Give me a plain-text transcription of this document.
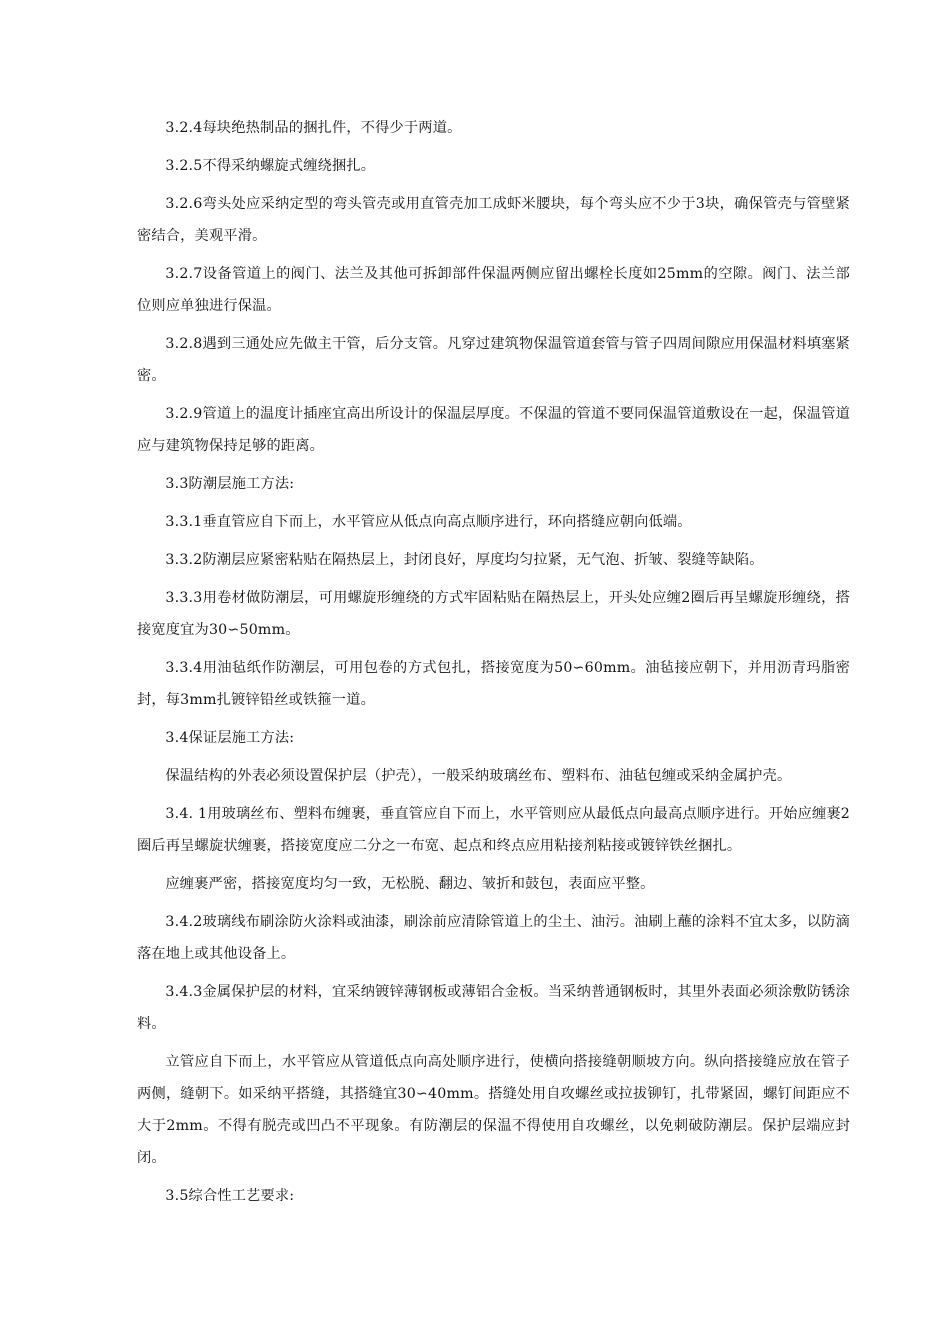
3.2.4每块绝热制品的捆扎件，不得少于两道。

3.2.5不得采纳螺旋式缠绕捆扎。

3.2.6弯头处应采纳定型的弯头管壳或用直管壳加工成虾米腰块，每个弯头应不少于3块，确保管壳与管壁紧密结合，美观平滑。

3.2.7设备管道上的阀门、法兰及其他可拆卸部件保温两侧应留出螺栓长度如25mm的空隙。阀门、法兰部位则应单独进行保温。

3.2.8遇到三通处应先做主干管，后分支管。凡穿过建筑物保温管道套管与管子四周间隙应用保温材料填塞紧密。

3.2.9管道上的温度计插座宜高出所设计的保温层厚度。不保温的管道不要同保温管道敷设在一起，保温管道应与建筑物保持足够的距离。

3.3防潮层施工方法:

3.3.1垂直管应自下而上，水平管应从低点向高点顺序进行，环向搭缝应朝向低端。

3.3.2防潮层应紧密粘贴在隔热层上，封闭良好，厚度均匀拉紧，无气泡、折皱、裂缝等缺陷。

3.3.3用卷材做防潮层，可用螺旋形缠绕的方式牢固粘贴在隔热层上，开头处应缠2圈后再呈螺旋形缠绕，搭接宽度宜为30∽50mm。

3.3.4用油毡纸作防潮层，可用包卷的方式包扎，搭接宽度为50∽60mm。油毡接应朝下，并用沥青玛脂密封，每3mm扎镀锌铅丝或铁箍一道。

3.4保证层施工方法:

保温结构的外表必须设置保护层（护壳），一般采纳玻璃丝布、塑料布、油毡包缠或采纳金属护壳。

3.4. 1用玻璃丝布、塑料布缠裹，垂直管应自下而上，水平管则应从最低点向最高点顺序进行。开始应缠裹2圈后再呈螺旋状缠裹，搭接宽度应二分之一布宽、起点和终点应用粘接剂粘接或镀锌铁丝捆扎。

应缠裹严密，搭接宽度均匀一致，无松脱、翻边、皱折和鼓包，表面应平整。

3.4.2玻璃线布刷涂防火涂料或油漆，刷涂前应清除管道上的尘土、油污。油刷上蘸的涂料不宜太多，以防滴落在地上或其他设备上。

3.4.3金属保护层的材料，宜采纳镀锌薄钢板或薄铝合金板。当采纳普通钢板时，其里外表面必须涂敷防锈涂料。

立管应自下而上，水平管应从管道低点向高处顺序进行，使横向搭接缝朝顺坡方向。纵向搭接缝应放在管子两侧，缝朝下。如采纳平搭缝，其搭缝宜30∽40mm。搭缝处用自攻螺丝或拉拔铆钉，扎带紧固，螺钉间距应不大于2mm。不得有脱壳或凹凸不平现象。有防潮层的保温不得使用自攻螺丝，以免刺破防潮层。保护层端应封闭。

3.5综合性工艺要求:
